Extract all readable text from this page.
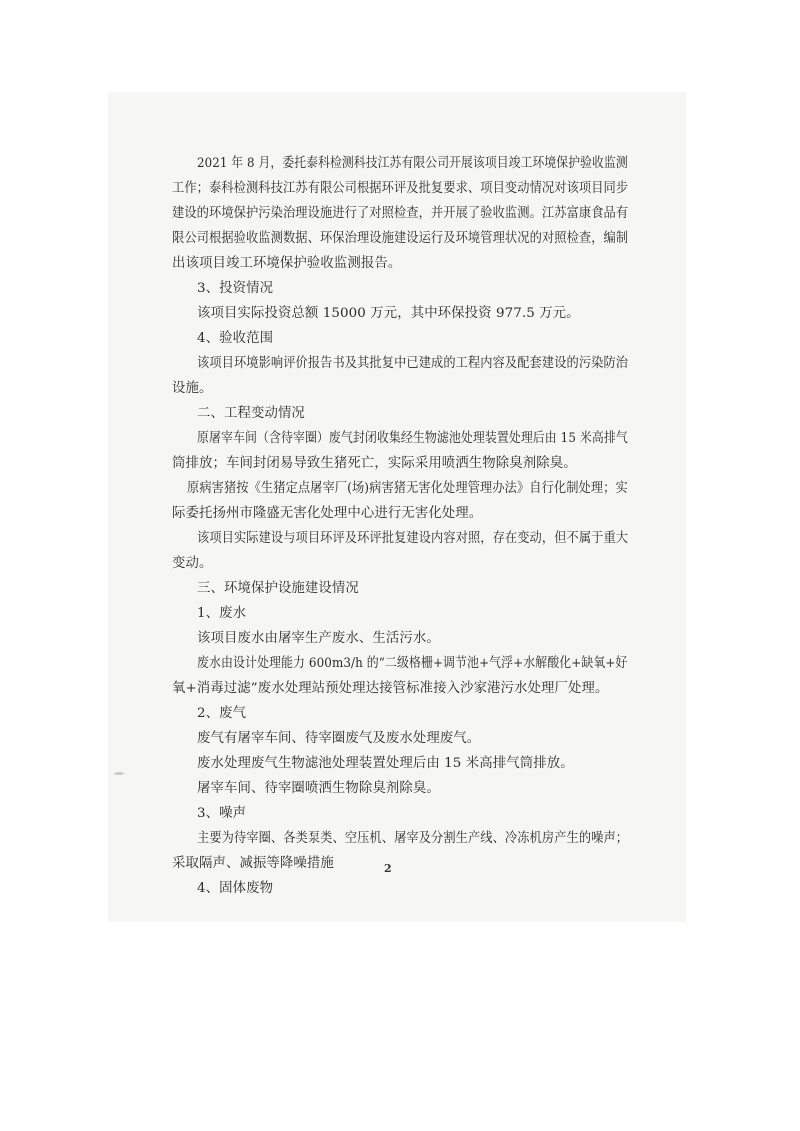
2021 年 8 月，委托泰科检测科技江苏有限公司开展该项目竣工环境保护验收监测
工作；泰科检测科技江苏有限公司根据环评及批复要求、项目变动情况对该项目同步
建设的环境保护污染治理设施进行了对照检查，并开展了验收监测。江苏富康食品有
限公司根据验收监测数据、环保治理设施建设运行及环境管理状况的对照检查，编制
出该项目竣工环境保护验收监测报告。
3、投资情况
该项目实际投资总额 15000 万元，其中环保投资 977.5 万元。
4、验收范围
该项目环境影响评价报告书及其批复中已建成的工程内容及配套建设的污染防治
设施。
二、工程变动情况
原屠宰车间（含待宰圈）废气封闭收集经生物滤池处理装置处理后由 15 米高排气
筒排放；车间封闭易导致生猪死亡，实际采用喷洒生物除臭剂除臭。
原病害猪按《生猪定点屠宰厂(场)病害猪无害化处理管理办法》自行化制处理；实
际委托扬州市隆盛无害化处理中心进行无害化处理。
该项目实际建设与项目环评及环评批复建设内容对照，存在变动，但不属于重大
变动。
三、环境保护设施建设情况
1、废水
该项目废水由屠宰生产废水、生活污水。
废水由设计处理能力 600m3/h 的“二级格栅+调节池+气浮+水解酸化+缺氧+好
氧+消毒过滤”废水处理站预处理达接管标准接入沙家港污水处理厂处理。
2、废气
废气有屠宰车间、待宰圈废气及废水处理废气。
废水处理废气生物滤池处理装置处理后由 15 米高排气筒排放。
屠宰车间、待宰圈喷洒生物除臭剂除臭。
3、噪声
主要为待宰圈、各类泵类、空压机、屠宰及分割生产线、冷冻机房产生的噪声；
采取隔声、减振等降噪措施
4、固体废物
2
